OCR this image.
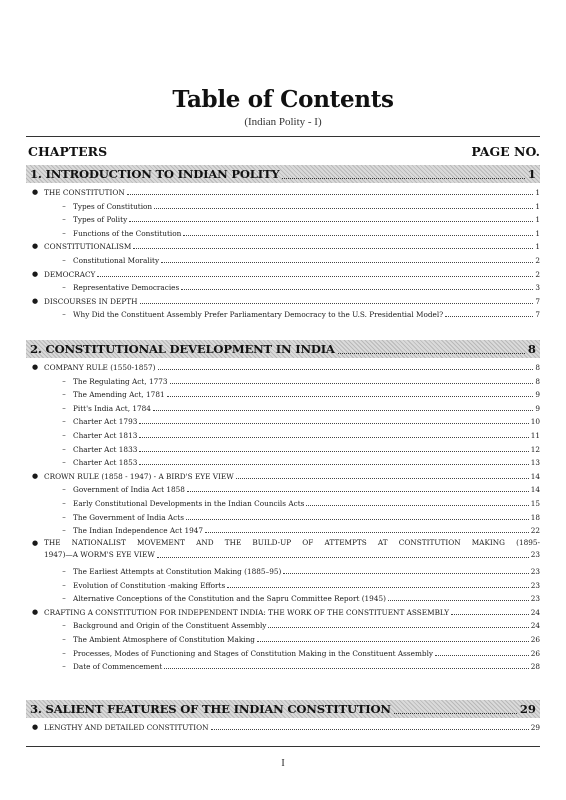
Table of Contents
(Indian Polity - I)
CHAPTERS	PAGE NO.
1. INTRODUCTION TO INDIAN POLITY	1
● THE CONSTITUTION	1
– Types of Constitution	1
– Types of Polity	1
– Functions of the Constitution	1
● CONSTITUTIONALISM	1
– Constitutional Morality	2
● DEMOCRACY	2
– Representative Democracies	3
● DISCOURSES IN DEPTH	7
– Why Did the Constituent Assembly Prefer Parliamentary Democracy to the U.S. Presidential Model?	7
2. CONSTITUTIONAL DEVELOPMENT IN INDIA	8
● COMPANY RULE (1550-1857)	8
– The Regulating Act, 1773	8
– The Amending Act, 1781	9
– Pitt's India Act, 1784	9
– Charter Act 1793	10
– Charter Act 1813	11
– Charter Act 1833	12
– Charter Act 1853	13
● CROWN RULE (1858 - 1947) - A BIRD'S EYE VIEW	14
– Government of India Act 1858	14
– Early Constitutional Developments in the Indian Councils Acts	15
– The Government of India Acts	18
– The Indian Independence Act 1947	22
● THE NATIONALIST MOVEMENT AND THE BUILD-UP OF ATTEMPTS AT CONSTITUTION MAKING (1895-
1947)—A WORM'S EYE VIEW	23
– The Earliest Attempts at Constitution Making (1885–95)	23
– Evolution of Constitution -making Efforts	23
– Alternative Conceptions of the Constitution and the Sapru Committee Report (1945)	23
● CRAFTING A CONSTITUTION FOR INDEPENDENT INDIA: THE WORK OF THE CONSTITUENT ASSEMBLY	24
– Background and Origin of the Constituent Assembly	24
– The Ambient Atmosphere of Constitution Making	26
– Processes, Modes of Functioning and Stages of Constitution Making in the Constituent Assembly	26
– Date of Commencement	28
3. SALIENT FEATURES OF THE INDIAN CONSTITUTION	29
● LENGTHY AND DETAILED CONSTITUTION	29
I
